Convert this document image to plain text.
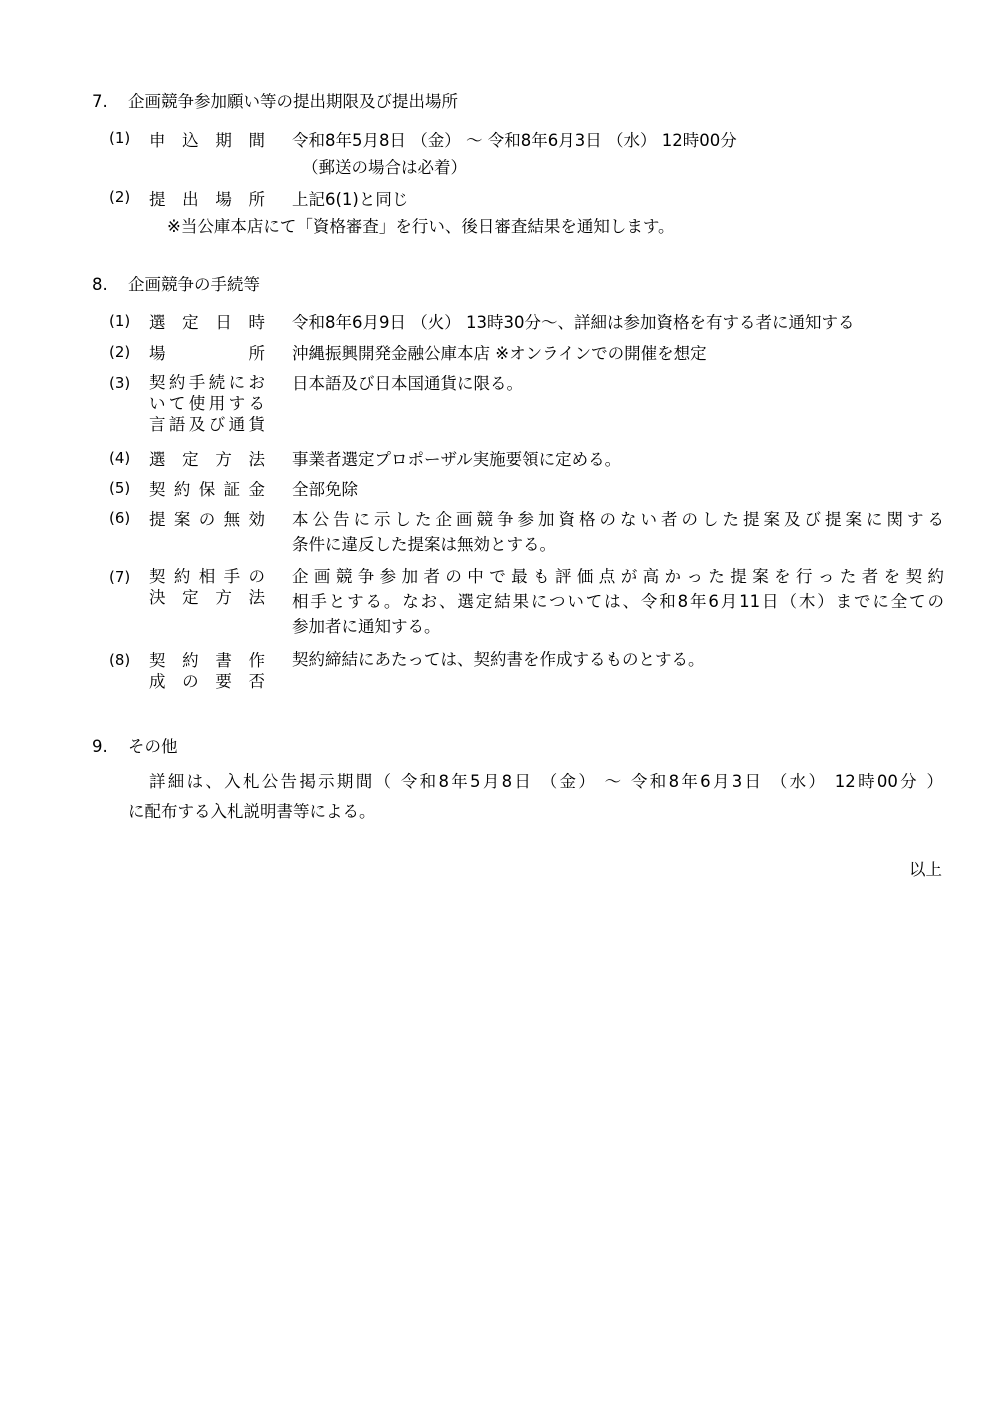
7. 企画競争参加願い等の提出期限及び提出場所
(1) 申込期間 令和8年5月8日 （金） ～ 令和8年6月3日 （水） 12時00分
（郵送の場合は必着）
(2) 提出場所 上記6(1)と同じ
※当公庫本店にて「資格審査」を行い、後日審査結果を通知します。
8. 企画競争の手続等
(1) 選定日時 令和8年6月9日 （火） 13時30分～、詳細は参加資格を有する者に通知する
(2) 場所 沖縄振興開発金融公庫本店 ※オンラインでの開催を想定
(3) 契約手続にお
いて使用する
言語及び通貨
日本語及び日本国通貨に限る。
(4) 選定方法 事業者選定プロポーザル実施要領に定める。
(5) 契約保証金 全部免除
(6) 提案の無効 本公告に示した企画競争参加資格のない者のした提案及び提案に関する
条件に違反した提案は無効とする。
(7) 契約相手の
決定方法
企画競争参加者の中で最も評価点が高かった提案を行った者を契約
相手とする。なお、選定結果については、令和8年6月11日（木）までに全ての
参加者に通知する。
(8) 契約書作
成の要否
契約締結にあたっては、契約書を作成するものとする。
9. その他
詳細は、入札公告掲示期間（ 令和8年5月8日 （金） ～ 令和8年6月3日 （水） 12時00分 ）
に配布する入札説明書等による。
以上
